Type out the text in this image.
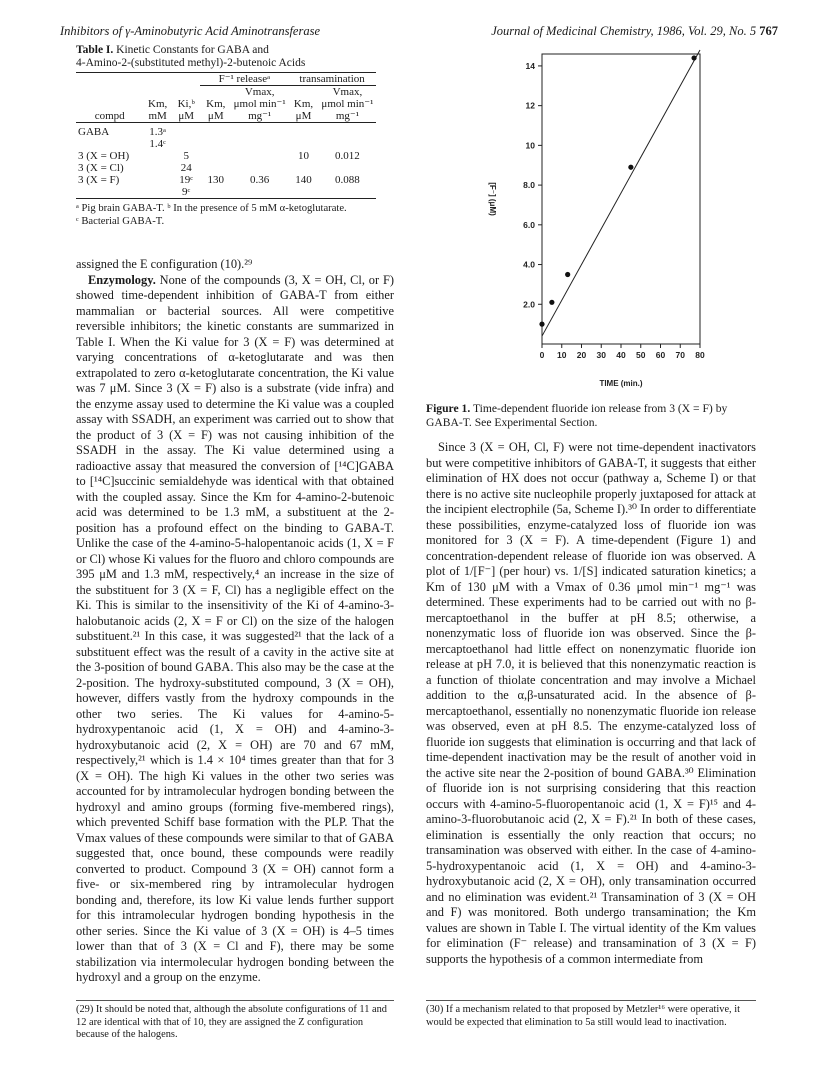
Inhibitors of γ-Aminobutyric Acid Aminotransferase	Journal of Medicinal Chemistry, 1986, Vol. 29, No. 5 767
Table I. Kinetic Constants for GABA and
4-Amino-2-(substituted methyl)-2-butenoic Acids
			F⁻¹ releaseᵃ		transamination	
compd	Km, mM	Ki,ᵇ μM	Km, μM	Vmax, μmol min⁻¹ mg⁻¹	Km, μM	Vmax, μmol min⁻¹ mg⁻¹
GABA	1.3ᵃ					
	1.4ᶜ					
3 (X = OH)		5			10	0.012
3 (X = Cl)		24				
3 (X = F)		19ᶜ	130	0.36	140	0.088
		9ᶜ				

ᵃ Pig brain GABA-T. ᵇ In the presence of 5 mM α-ketoglutarate.
ᶜ Bacterial GABA-T.

assigned the E configuration (10).²⁹

Enzymology. None of the compounds (3, X = OH, Cl, or F) showed time-dependent inhibition of GABA-T from either mammalian or bacterial sources. All were competitive reversible inhibitors; the kinetic constants are summarized in Table I. When the Ki value for 3 (X = F) was determined at varying concentrations of α-ketoglutarate and was then extrapolated to zero α-ketoglutarate concentration, the Ki value was 7 μM. Since 3 (X = F) also is a substrate (vide infra) and the enzyme assay used to determine the Ki value was a coupled assay with SSADH, an experiment was carried out to show that the product of 3 (X = F) was not causing inhibition of the SSADH in the assay. The Ki value determined using a radioactive assay that measured the conversion of [¹⁴C]GABA to [¹⁴C]succinic semialdehyde was identical with that obtained with the coupled assay. Since the Km for 4-amino-2-butenoic acid was determined to be 1.3 mM, a substituent at the 2-position has a profound effect on the binding to GABA-T. Unlike the case of the 4-amino-5-halopentanoic acids (1, X = F or Cl) whose Ki values for the fluoro and chloro compounds are 395 μM and 1.3 mM, respectively,⁴ an increase in the size of the substituent for 3 (X = F, Cl) has a negligible effect on the Ki. This is similar to the insensitivity of the Ki of 4-amino-3-halobutanoic acids (2, X = F or Cl) on the size of the halogen substituent.²¹ In this case, it was suggested²¹ that the lack of a substituent effect was the result of a cavity in the active site at the 3-position of bound GABA. This also may be the case at the 2-position. The hydroxy-substituted compound, 3 (X = OH), however, differs vastly from the hydroxy compounds in the other two series. The Ki values for 4-amino-5-hydroxypentanoic acid (1, X = OH) and 4-amino-3-hydroxybutanoic acid (2, X = OH) are 70 and 67 mM, respectively,²¹ which is 1.4 × 10⁴ times greater than that for 3 (X = OH). The high Ki values in the other two series was accounted for by intramolecular hydrogen bonding between the hydroxyl and amino groups (forming five-membered rings), which prevented Schiff base formation with the PLP. That the Vmax values of these compounds were similar to that of GABA suggested that, once bound, these compounds were readily converted to product. Compound 3 (X = OH) cannot form a five- or six-membered ring by intramolecular hydrogen bonding and, therefore, its low Ki value lends further support for this intramolecular hydrogen bonding hypothesis in the other series. Since the Ki value of 3 (X = OH) is 4–5 times lower than that of 3 (X = Cl and F), there may be some stabilization via intermolecular hydrogen bonding between the hydroxyl and a group on the enzyme.

0 10 20 30 40 50 60 70 80
2.0
4.0
6.0
8.0
10
12
14
TIME (min.)
[F⁻] (μM)
Figure 1. Time-dependent fluoride ion release from 3 (X = F) by GABA-T. See Experimental Section.

Since 3 (X = OH, Cl, F) were not time-dependent inactivators but were competitive inhibitors of GABA-T, it suggests that either elimination of HX does not occur (pathway a, Scheme I) or that there is no active site nucleophile properly juxtaposed for attack at the incipient electrophile (5a, Scheme I).³⁰ In order to differentiate these possibilities, enzyme-catalyzed loss of fluoride ion was monitored for 3 (X = F). A time-dependent (Figure 1) and concentration-dependent release of fluoride ion was observed. A plot of 1/[F⁻] (per hour) vs. 1/[S] indicated saturation kinetics; a Km of 130 μM with a Vmax of 0.36 μmol min⁻¹ mg⁻¹ was determined. These experiments had to be carried out with no β-mercaptoethanol in the buffer at pH 8.5; otherwise, a nonenzymatic loss of fluoride ion was observed. Since the β-mercaptoethanol had little effect on nonenzymatic fluoride ion release at pH 7.0, it is believed that this nonenzymatic reaction is a function of thiolate concentration and may involve a Michael addition to the α,β-unsaturated acid. In the absence of β-mercaptoethanol, essentially no nonenzymatic fluoride ion release was observed, even at pH 8.5. The enzyme-catalyzed loss of fluoride ion suggests that elimination is occurring and that lack of time-dependent inactivation may be the result of another void in the active site near the 2-position of bound GABA.³⁰ Elimination of fluoride ion is not surprising considering that this reaction occurs with 4-amino-5-fluoropentanoic acid (1, X = F)¹⁵ and 4-amino-3-fluorobutanoic acid (2, X = F).²¹ In both of these cases, elimination is essentially the only reaction that occurs; no transamination was observed with either. In the case of 4-amino-5-hydroxypentanoic acid (1, X = OH) and 4-amino-3-hydroxybutanoic acid (2, X = OH), only transamination occurred and no elimination was evident.²¹ Transamination of 3 (X = OH and F) was monitored. Both undergo transamination; the Km values are shown in Table I. The virtual identity of the Km values for elimination (F⁻ release) and transamination of 3 (X = F) supports the hypothesis of a common intermediate from

(29) It should be noted that, although the absolute configurations of 11 and 12 are identical with that of 10, they are assigned the Z configuration because of the halogens.
(30) If a mechanism related to that proposed by Metzler¹⁶ were operative, it would be expected that elimination to 5a still would lead to inactivation.
